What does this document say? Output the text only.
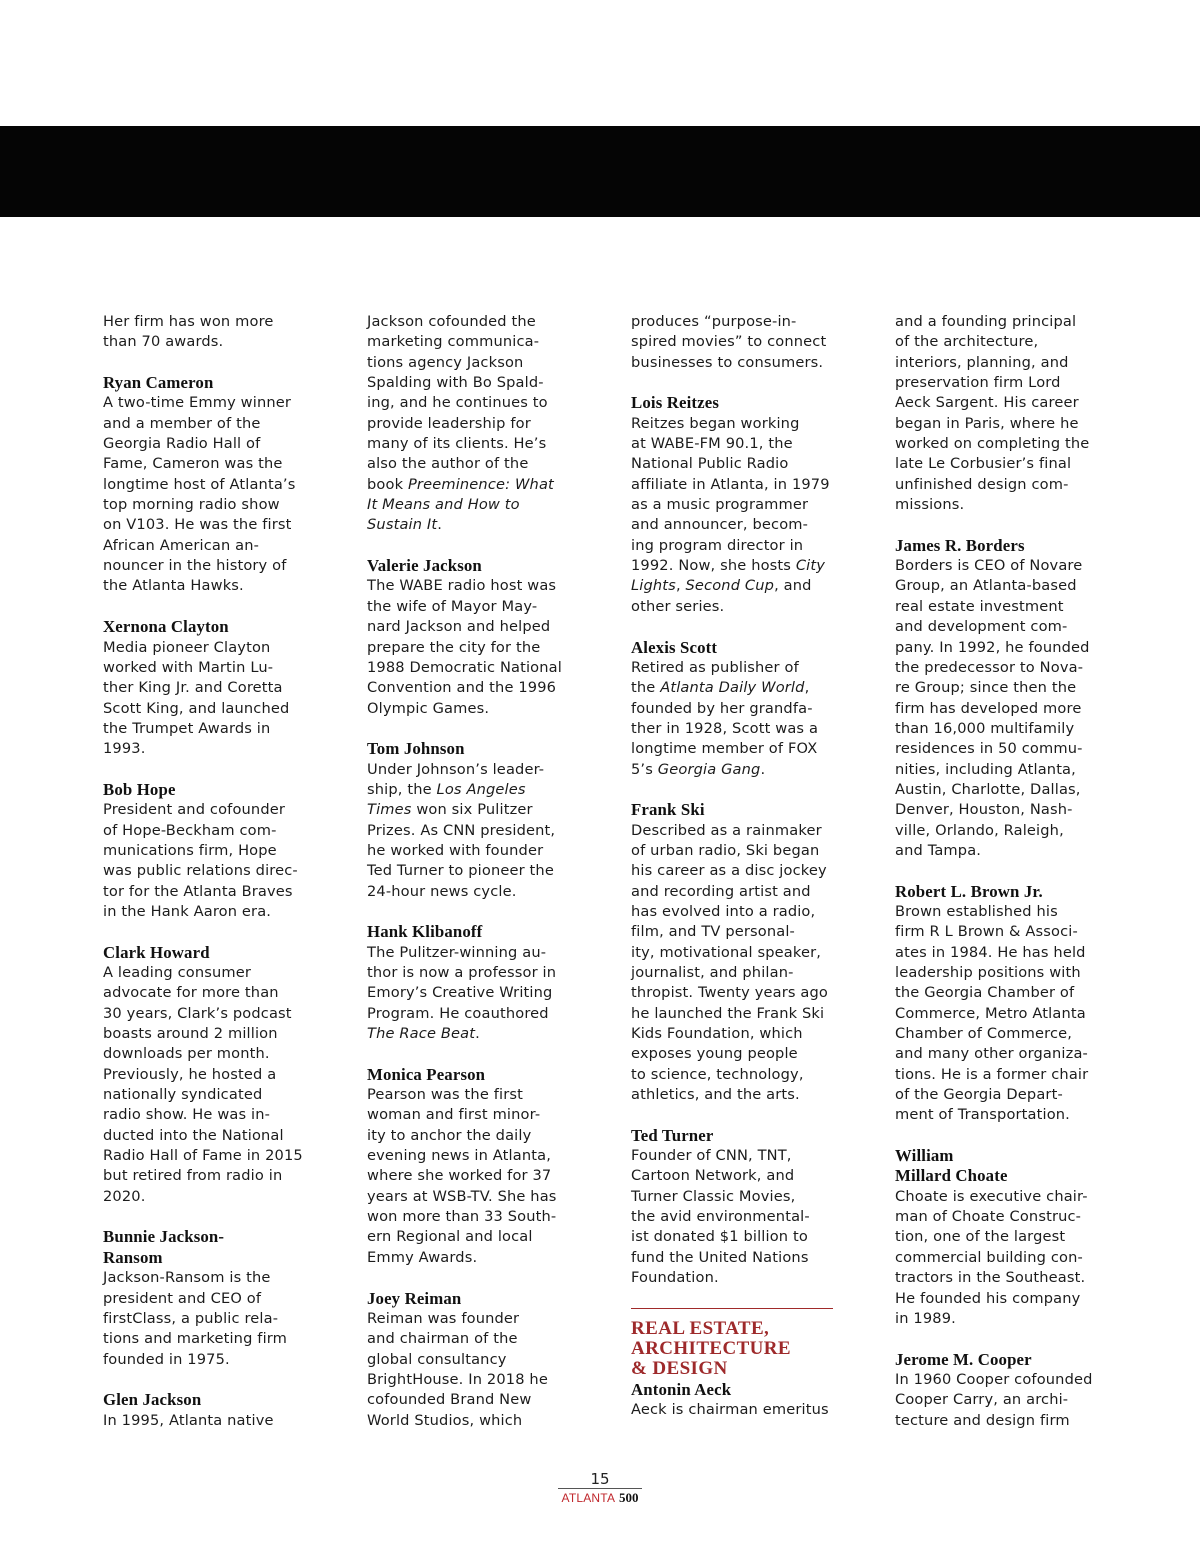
Her firm has won more
than 70 awards.

Ryan Cameron

A two-time Emmy winner
and a member of the
Georgia Radio Hall of
Fame, Cameron was the
longtime host of Atlanta’s
top morning radio show
on V103. He was the first
African American an-
nouncer in the history of
the Atlanta Hawks.

Xernona Clayton

Media pioneer Clayton
worked with Martin Lu-
ther King Jr. and Coretta
Scott King, and launched
the Trumpet Awards in
1993.

Bob Hope

President and cofounder
of Hope-Beckham com-
munications firm, Hope
was public relations direc-
tor for the Atlanta Braves
in the Hank Aaron era.

Clark Howard

A leading consumer
advocate for more than
30 years, Clark’s podcast
boasts around 2 million
downloads per month.
Previously, he hosted a
nationally syndicated
radio show. He was in-
ducted into the National
Radio Hall of Fame in 2015
but retired from radio in
2020.

Bunnie Jackson-
Ransom

Jackson-Ransom is the
president and CEO of
firstClass, a public rela-
tions and marketing firm
founded in 1975.

Glen Jackson

In 1995, Atlanta native

Jackson cofounded the
marketing communica-
tions agency Jackson
Spalding with Bo Spald-
ing, and he continues to
provide leadership for
many of its clients. He’s
also the author of the
book Preeminence: What
It Means and How to
Sustain It.

Valerie Jackson

The WABE radio host was
the wife of Mayor May-
nard Jackson and helped
prepare the city for the
1988 Democratic National
Convention and the 1996
Olympic Games.

Tom Johnson

Under Johnson’s leader-
ship, the Los Angeles
Times won six Pulitzer
Prizes. As CNN president,
he worked with founder
Ted Turner to pioneer the
24-hour news cycle.

Hank Klibanoff

The Pulitzer-winning au-
thor is now a professor in
Emory’s Creative Writing
Program. He coauthored
The Race Beat.

Monica Pearson

Pearson was the first
woman and first minor-
ity to anchor the daily
evening news in Atlanta,
where she worked for 37
years at WSB-TV. She has
won more than 33 South-
ern Regional and local
Emmy Awards.

Joey Reiman

Reiman was founder
and chairman of the
global consultancy
BrightHouse. In 2018 he
cofounded Brand New
World Studios, which

produces “purpose-in-
spired movies” to connect
businesses to consumers.

Lois Reitzes

Reitzes began working
at WABE-FM 90.1, the
National Public Radio
affiliate in Atlanta, in 1979
as a music programmer
and announcer, becom-
ing program director in
1992. Now, she hosts City
Lights, Second Cup, and
other series.

Alexis Scott

Retired as publisher of
the Atlanta Daily World,
founded by her grandfa-
ther in 1928, Scott was a
longtime member of FOX
5’s Georgia Gang.

Frank Ski

Described as a rainmaker
of urban radio, Ski began
his career as a disc jockey
and recording artist and
has evolved into a radio,
film, and TV personal-
ity, motivational speaker,
journalist, and philan-
thropist. Twenty years ago
he launched the Frank Ski
Kids Foundation, which
exposes young people
to science, technology,
athletics, and the arts.

Ted Turner

Founder of CNN, TNT,
Cartoon Network, and
Turner Classic Movies,
the avid environmental-
ist donated $1 billion to
fund the United Nations
Foundation.

REAL ESTATE,
ARCHITECTURE
& DESIGN
Antonin Aeck

Aeck is chairman emeritus

and a founding principal
of the architecture,
interiors, planning, and
preservation firm Lord
Aeck Sargent. His career
began in Paris, where he
worked on completing the
late Le Corbusier’s final
unfinished design com-
missions.

James R. Borders

Borders is CEO of Novare
Group, an Atlanta-based
real estate investment
and development com-
pany. In 1992, he founded
the predecessor to Nova-
re Group; since then the
firm has developed more
than 16,000 multifamily
residences in 50 commu-
nities, including Atlanta,
Austin, Charlotte, Dallas,
Denver, Houston, Nash-
ville, Orlando, Raleigh,
and Tampa.

Robert L. Brown Jr.

Brown established his
firm R L Brown & Associ-
ates in 1984. He has held
leadership positions with
the Georgia Chamber of
Commerce, Metro Atlanta
Chamber of Commerce,
and many other organiza-
tions. He is a former chair
of the Georgia Depart-
ment of Transportation.

William
Millard Choate

Choate is executive chair-
man of Choate Construc-
tion, one of the largest
commercial building con-
tractors in the Southeast.
He founded his company
in 1989.

Jerome M. Cooper

In 1960 Cooper cofounded
Cooper Carry, an archi-
tecture and design firm

15
ATLANTA 500
